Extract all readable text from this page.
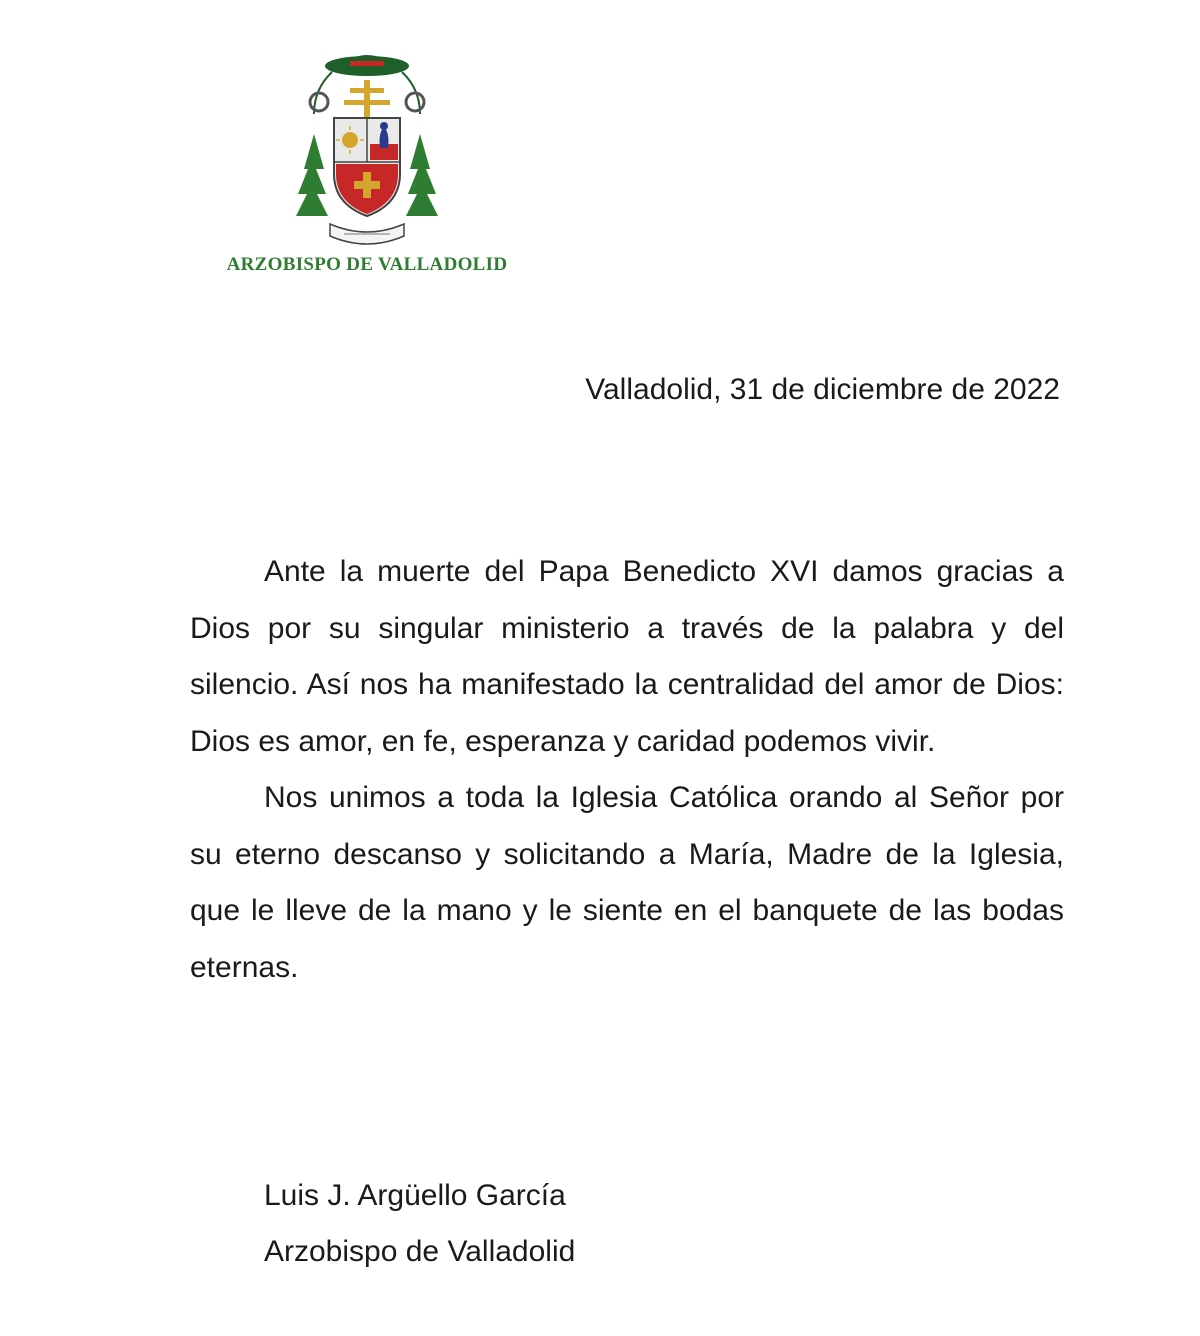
ARZOBISPO DE VALLADOLID
Valladolid, 31 de diciembre de 2022

Ante la muerte del Papa Benedicto XVI damos gracias a Dios por su singular ministerio a través de la palabra y del silencio. Así nos ha manifestado la centralidad del amor de Dios: Dios es amor, en fe, esperanza y caridad podemos vivir.

Nos unimos a toda la Iglesia Católica orando al Señor por su eterno descanso y solicitando a María, Madre de la Iglesia, que le lleve de la mano y le siente en el banquete de las bodas eternas.

Luis J. Argüello García
Arzobispo de Valladolid
